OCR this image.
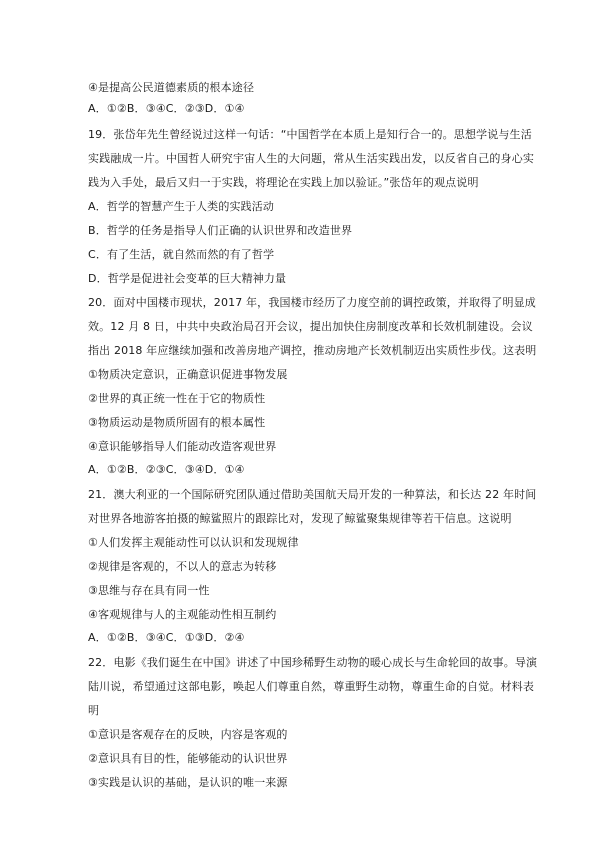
④是提高公民道德素质的根本途径
A．①②B．③④C．②③D．①④
19．张岱年先生曾经说过这样一句话：“中国哲学在本质上是知行合一的。思想学说与生活
实践融成一片。中国哲人研究宇宙人生的大问题，常从生活实践出发，以反省自己的身心实
践为入手处，最后又归一于实践，将理论在实践上加以验证。”张岱年的观点说明
A．哲学的智慧产生于人类的实践活动
B．哲学的任务是指导人们正确的认识世界和改造世界
C．有了生活，就自然而然的有了哲学
D．哲学是促进社会变革的巨大精神力量
20．面对中国楼市现状，2017 年，我国楼市经历了力度空前的调控政策，并取得了明显成
效。12 月 8 日，中共中央政治局召开会议，提出加快住房制度改革和长效机制建设。会议
指出 2018 年应继续加强和改善房地产调控，推动房地产长效机制迈出实质性步伐。这表明
①物质决定意识，正确意识促进事物发展
②世界的真正统一性在于它的物质性
③物质运动是物质所固有的根本属性
④意识能够指导人们能动改造客观世界
A．①②B．②③C．③④D．①④
21．澳大利亚的一个国际研究团队通过借助美国航天局开发的一种算法，和长达 22 年时间
对世界各地游客拍摄的鲸鲨照片的跟踪比对，发现了鲸鲨聚集规律等若干信息。这说明
①人们发挥主观能动性可以认识和发现规律
②规律是客观的，不以人的意志为转移
③思维与存在具有同一性
④客观规律与人的主观能动性相互制约
A．①②B．③④C．①③D．②④
22．电影《我们诞生在中国》讲述了中国珍稀野生动物的暖心成长与生命轮回的故事。导演
陆川说，希望通过这部电影，唤起人们尊重自然，尊重野生动物，尊重生命的自觉。材料表
明
①意识是客观存在的反映，内容是客观的
②意识具有目的性，能够能动的认识世界
③实践是认识的基础，是认识的唯一来源
